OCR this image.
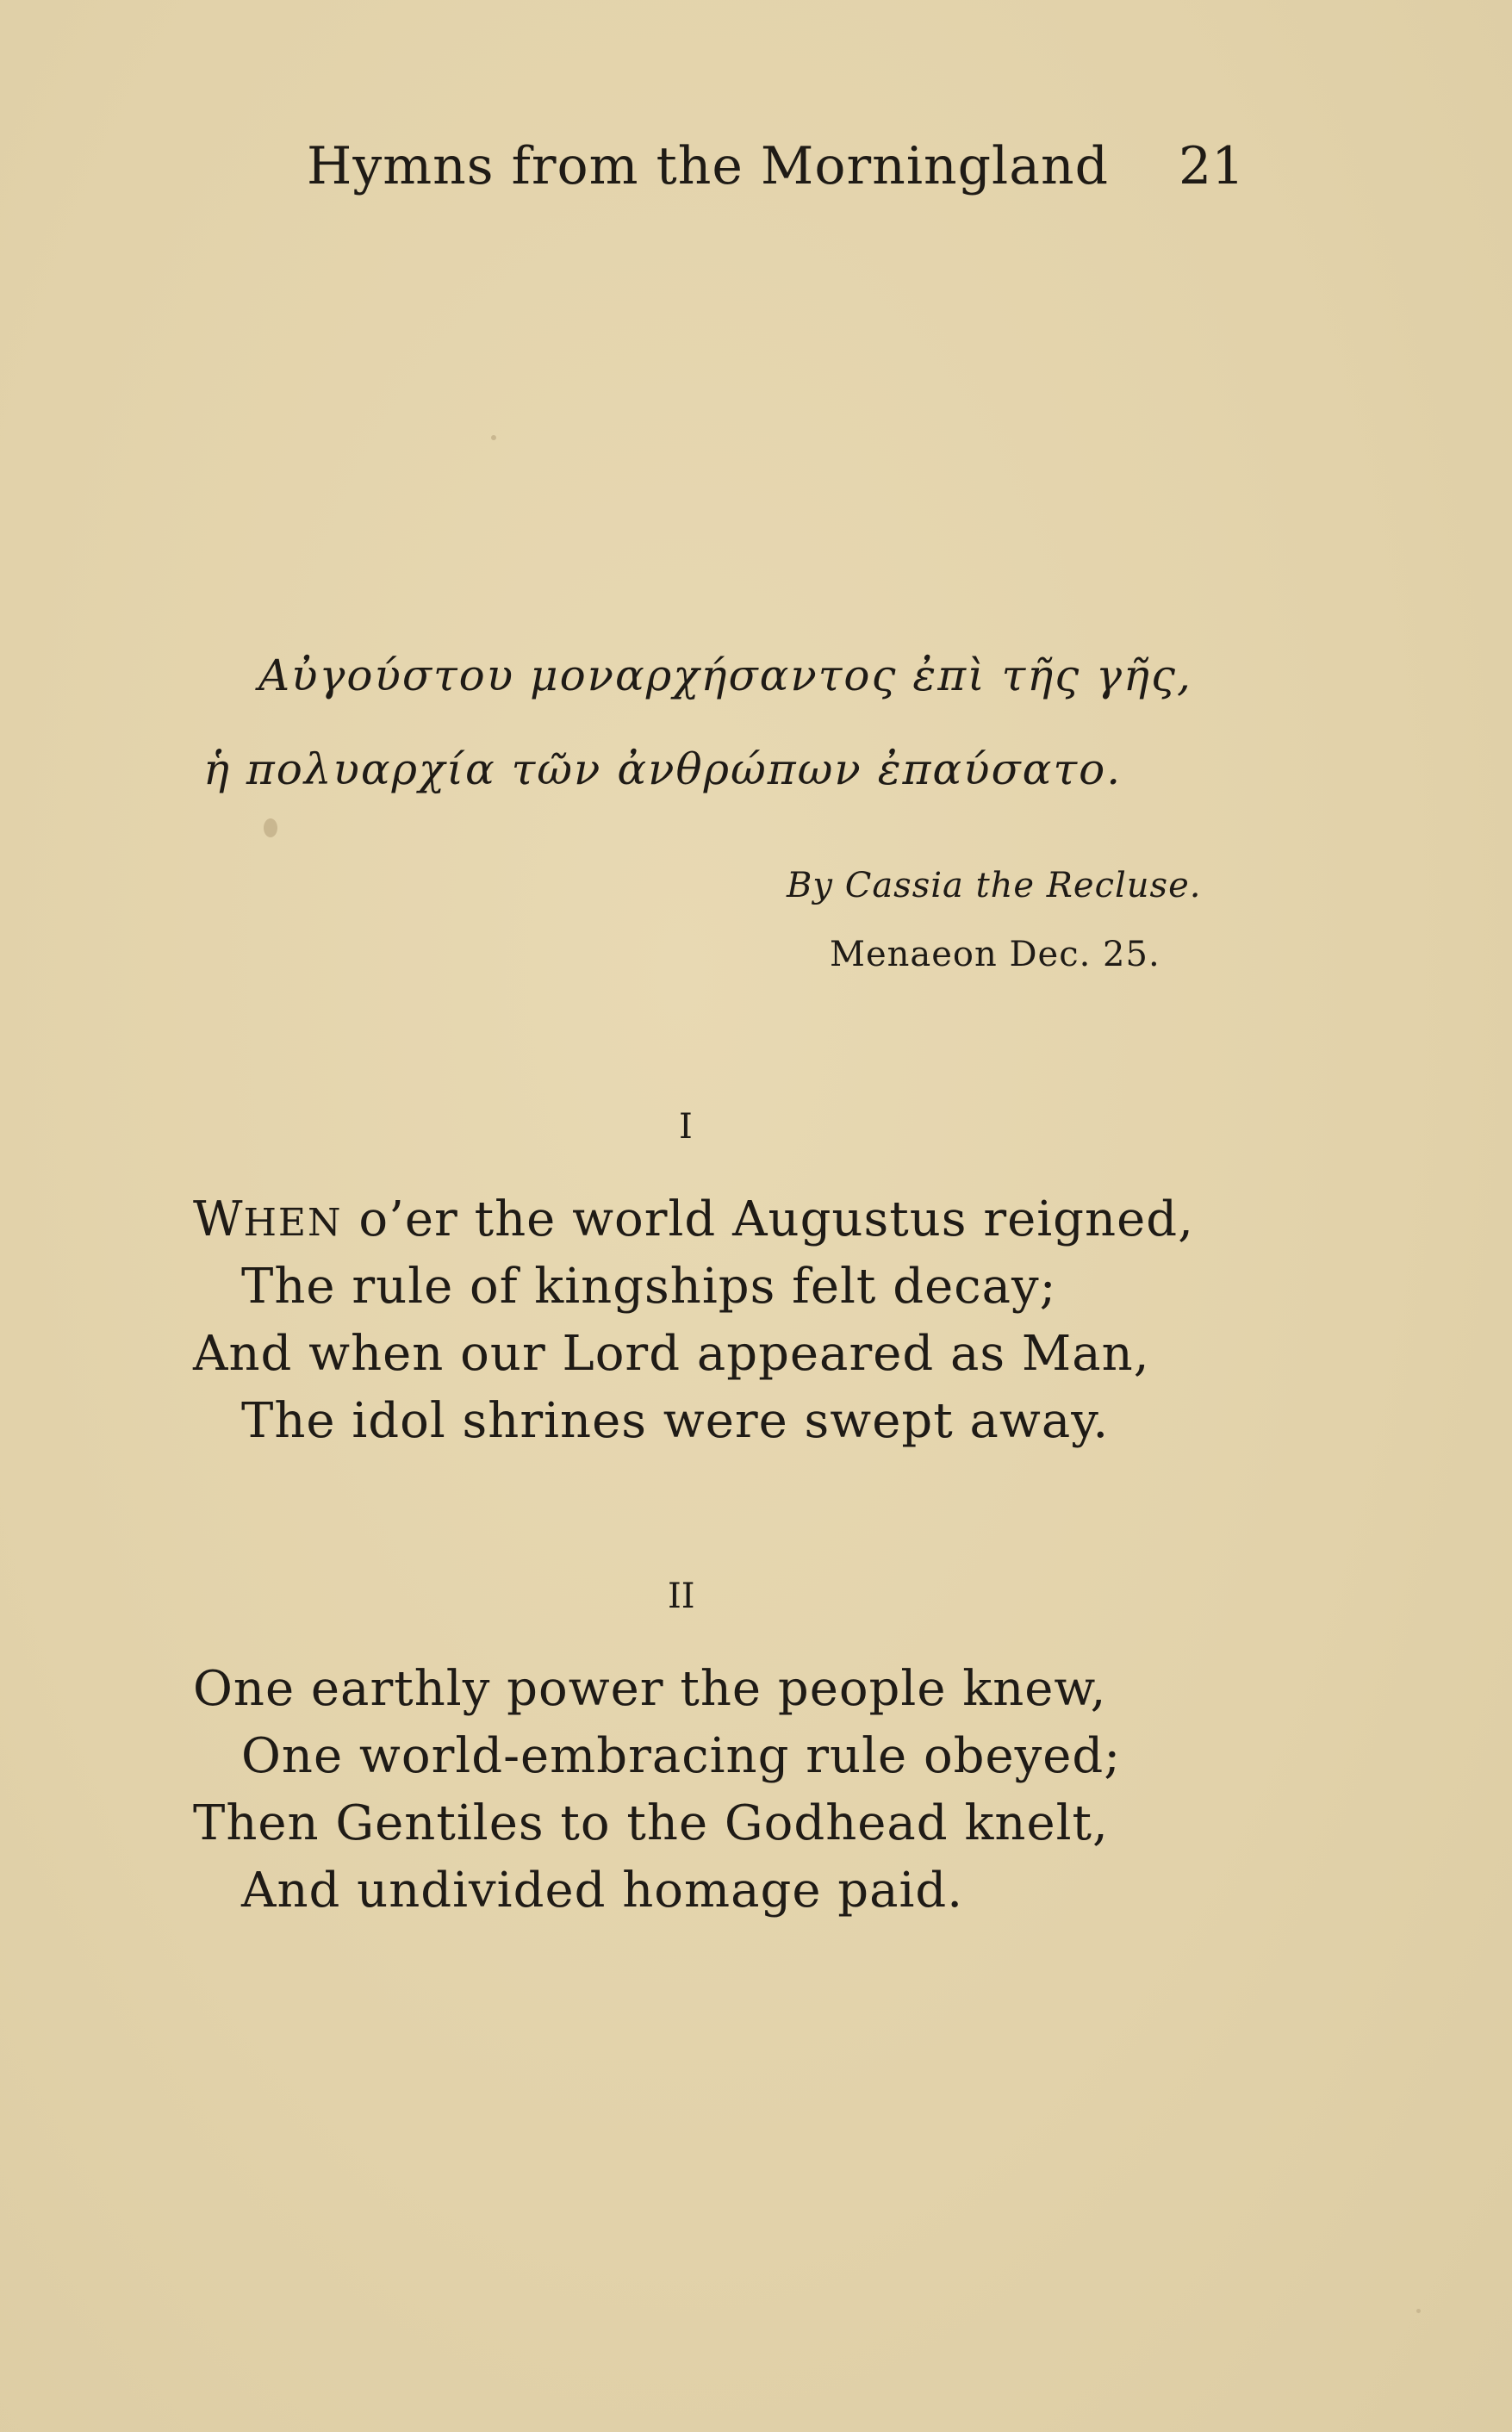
Hymns from the Morningland 21
Αὐγούστου μοναρχήσαντος ἐπὶ τῆς γῆς,
ἡ πολυαρχία τῶν ἀνθρώπων ἐπαύσατο.
By Cassia the Recluse.
Menaeon Dec. 25.
I
WHEN o’er the world Augustus reigned,
The rule of kingships felt decay;
And when our Lord appeared as Man,
The idol shrines were swept away.
II
One earthly power the people knew,
One world-embracing rule obeyed;
Then Gentiles to the Godhead knelt,
And undivided homage paid.
